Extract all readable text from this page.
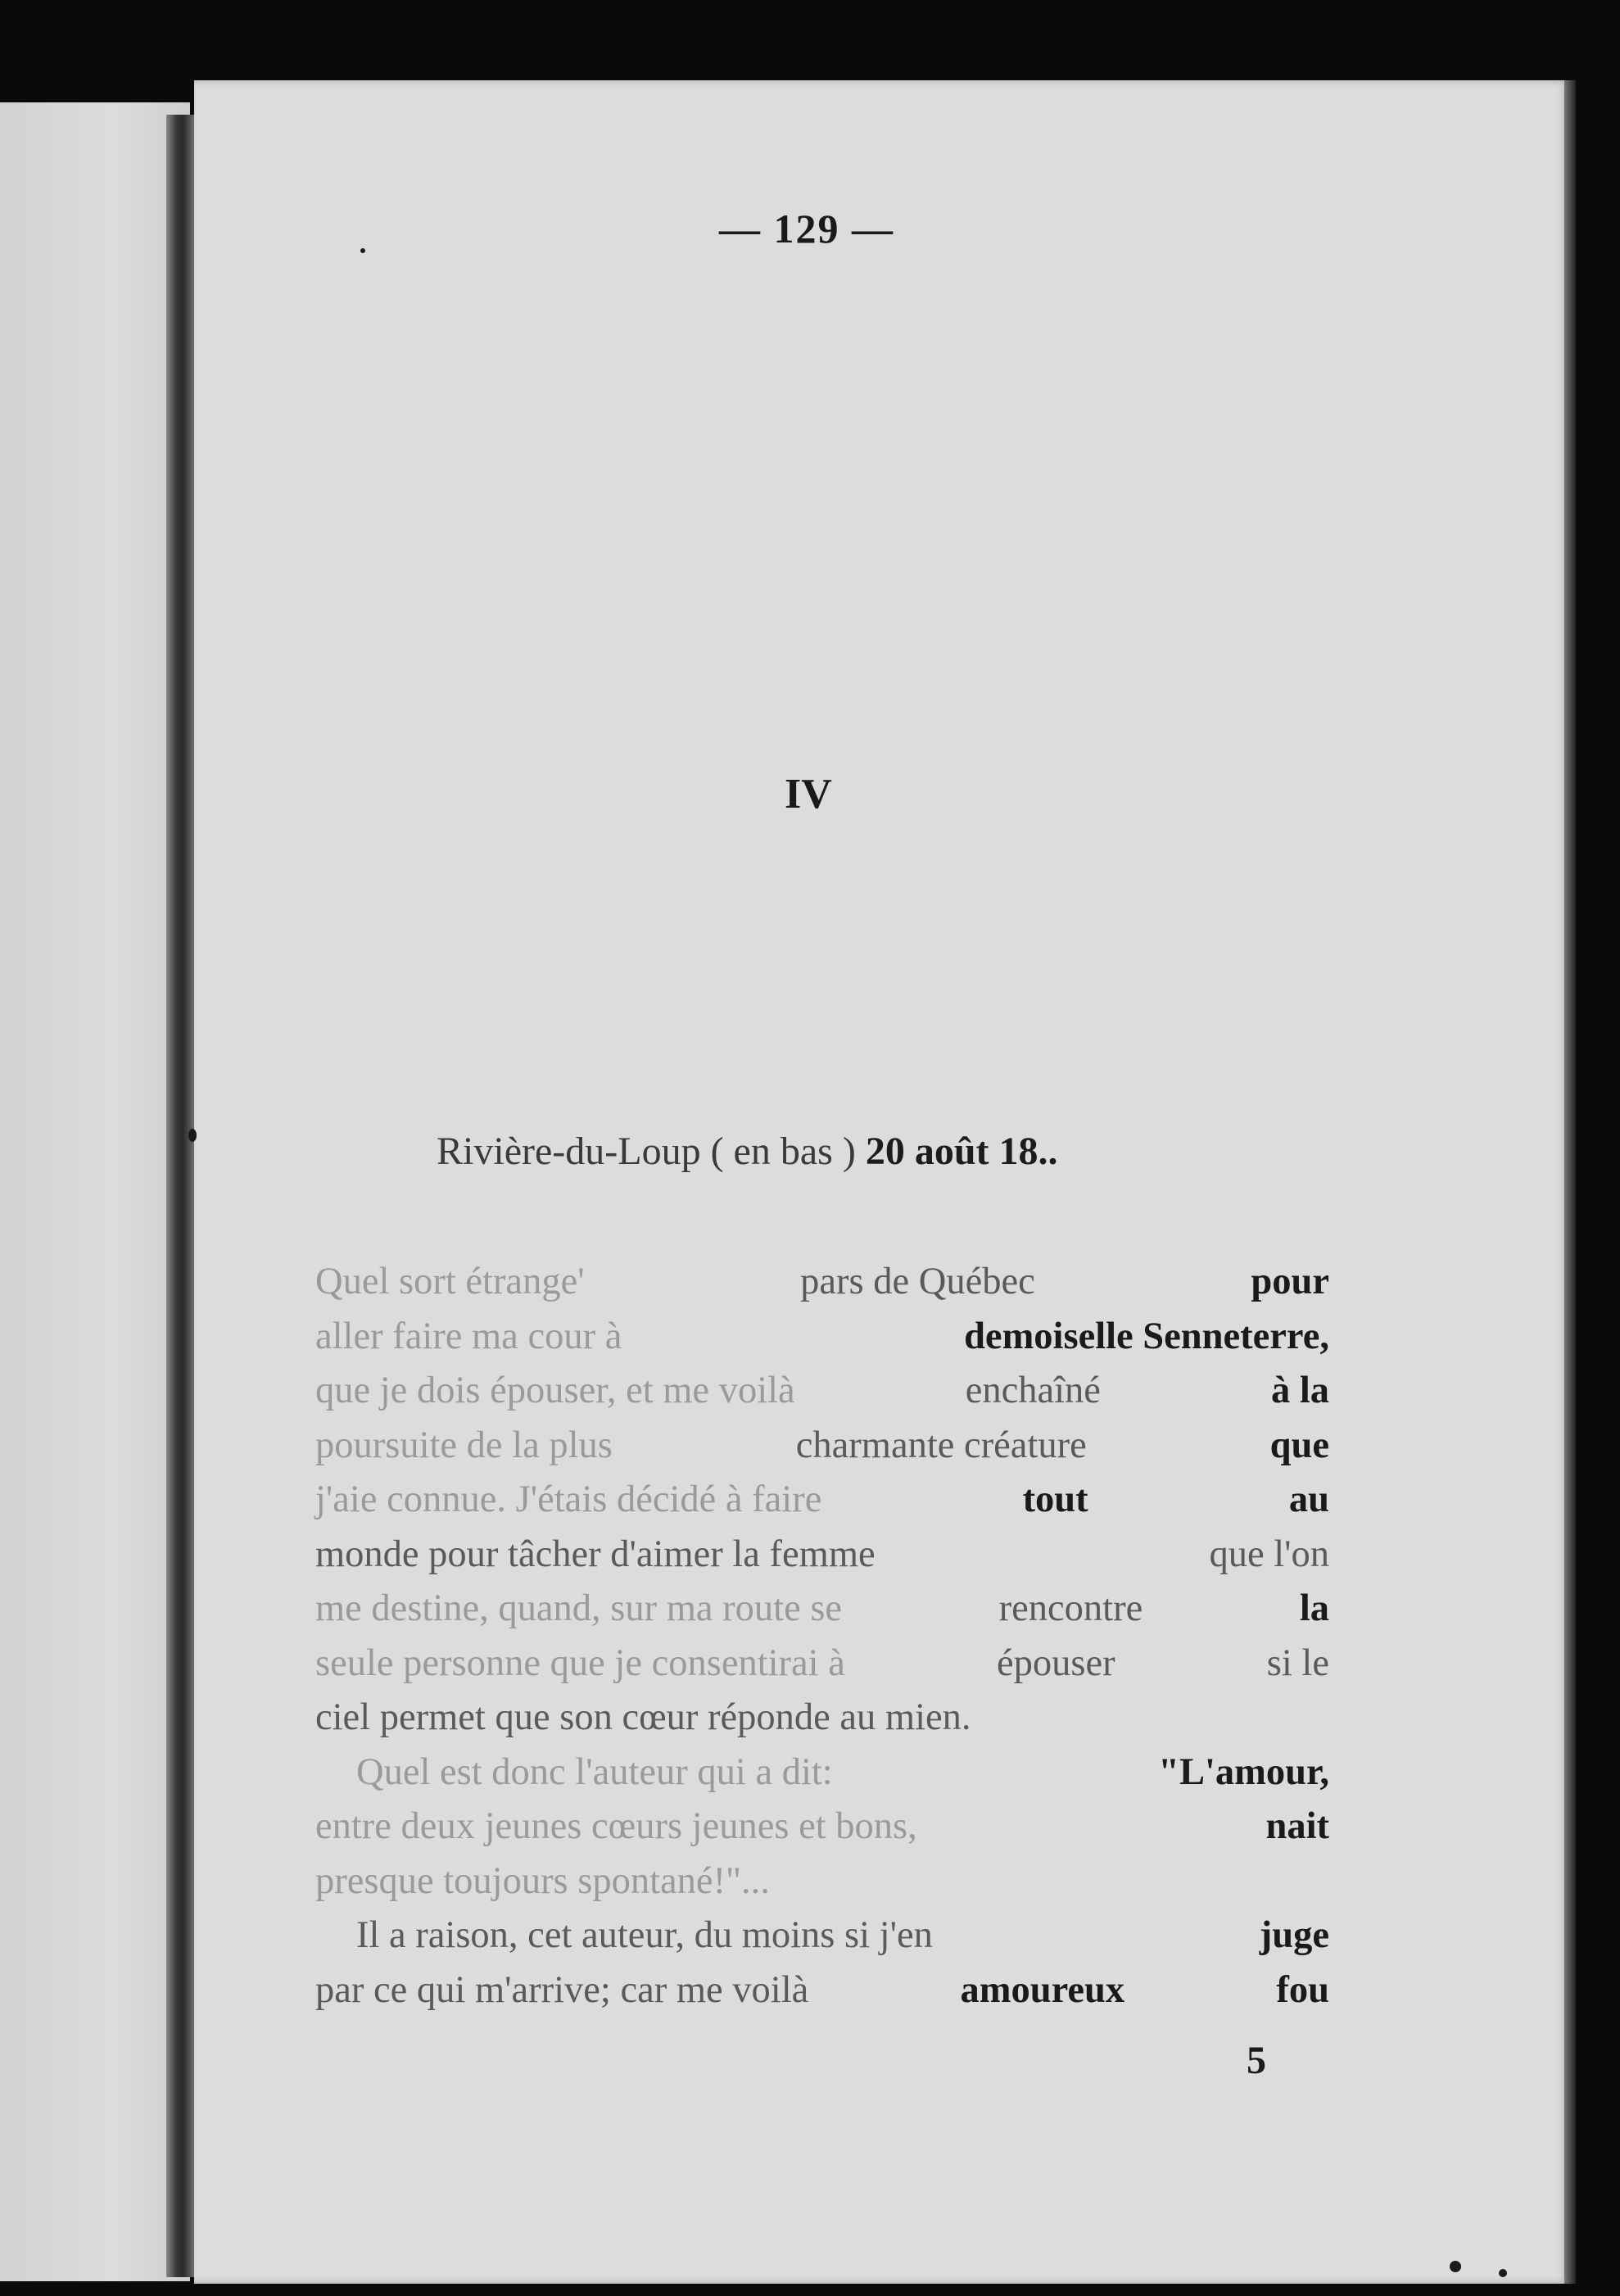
— 129 —
IV
Rivière-du-Loup ( en bas ) 20 août 18..
Quel sort étrange'	pars de Québec	pour
aller faire ma cour à	demoiselle Senneterre,
que je dois épouser, et me voilà	enchaîné	à la
poursuite de la plus	charmante créature	que
j'aie connue. J'étais décidé à faire	tout	au
monde pour tâcher d'aimer la femme	que l'on
me destine, quand, sur ma route se	rencontre	la
seule personne que je consentirai à	épouser	si le
ciel permet que son cœur réponde au mien.
Quel est donc l'auteur qui a dit:	"L'amour,
entre deux jeunes cœurs jeunes et bons,	nait
presque toujours spontané!"...
Il a raison, cet auteur, du moins si j'en	juge
par ce qui m'arrive; car me voilà	amoureux	fou
5
